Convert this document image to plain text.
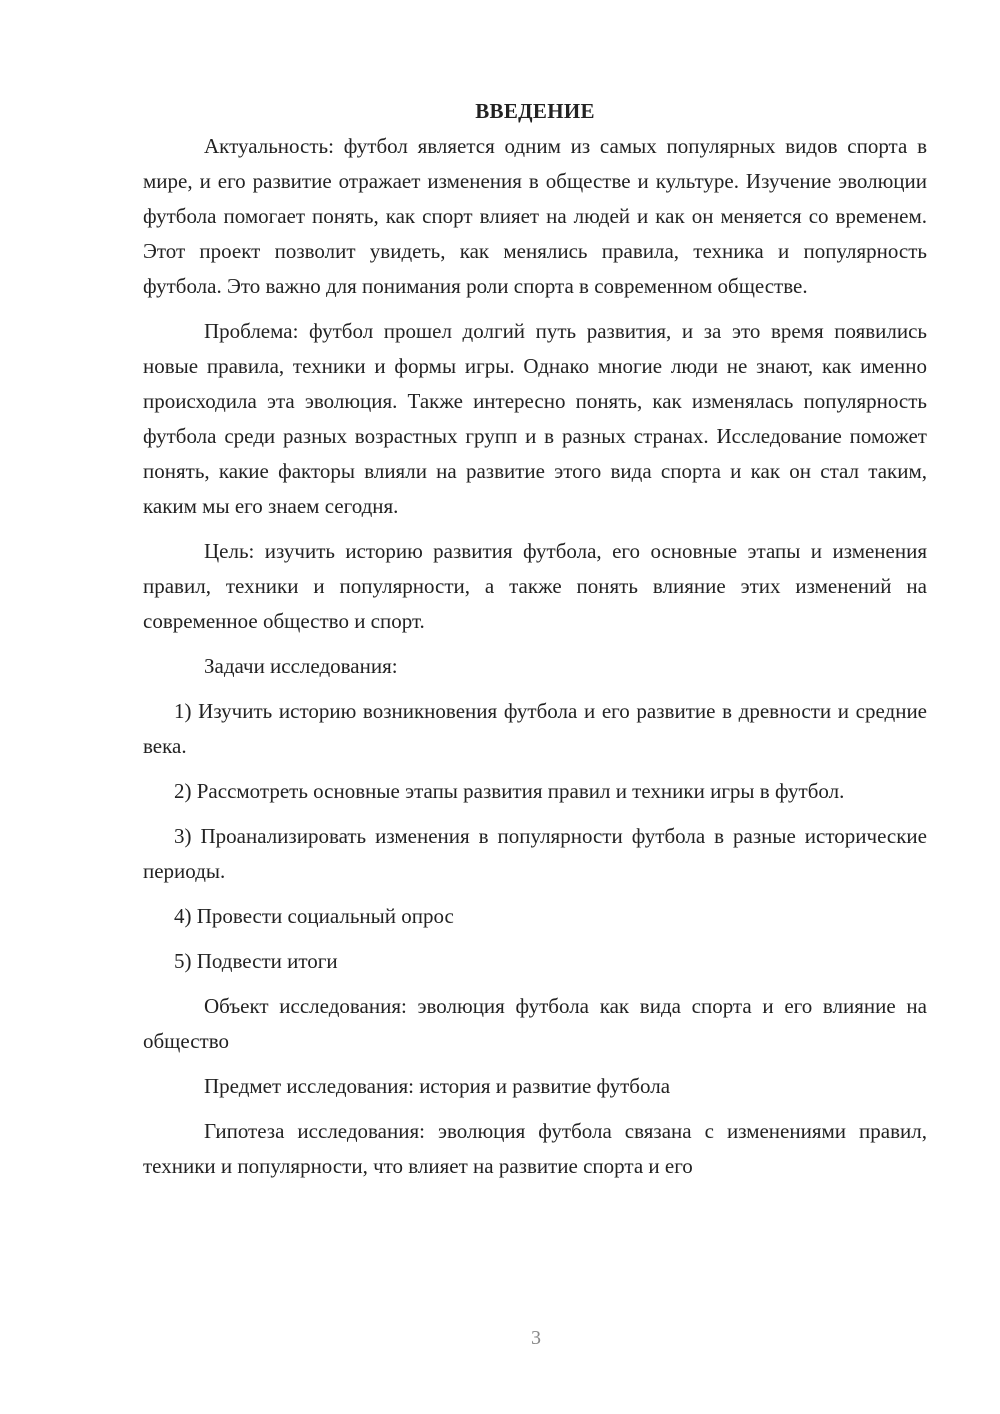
ВВЕДЕНИЕ

Актуальность: футбол является одним из самых популярных видов спорта в мире, и его развитие отражает изменения в обществе и культуре. Изучение эволюции футбола помогает понять, как спорт влияет на людей и как он меняется со временем. Этот проект позволит увидеть, как менялись правила, техника и популярность футбола. Это важно для понимания роли спорта в современном обществе.

Проблема: футбол прошел долгий путь развития, и за это время появились новые правила, техники и формы игры. Однако многие люди не знают, как именно происходила эта эволюция. Также интересно понять, как изменялась популярность футбола среди разных возрастных групп и в разных странах. Исследование поможет понять, какие факторы влияли на развитие этого вида спорта и как он стал таким, каким мы его знаем сегодня.

Цель: изучить историю развития футбола, его основные этапы и изменения правил, техники и популярности, а также понять влияние этих изменений на современное общество и спорт.

Задачи исследования:

1) Изучить историю возникновения футбола и его развитие в древности и средние века.

2) Рассмотреть основные этапы развития правил и техники игры в футбол.

3) Проанализировать изменения в популярности футбола в разные исторические периоды.

4) Провести социальный опрос

5) Подвести итоги

Объект исследования: эволюция футбола как вида спорта и его влияние на общество

Предмет исследования: история и развитие футбола

Гипотеза исследования: эволюция футбола связана с изменениями правил, техники и популярности, что влияет на развитие спорта и его

3
